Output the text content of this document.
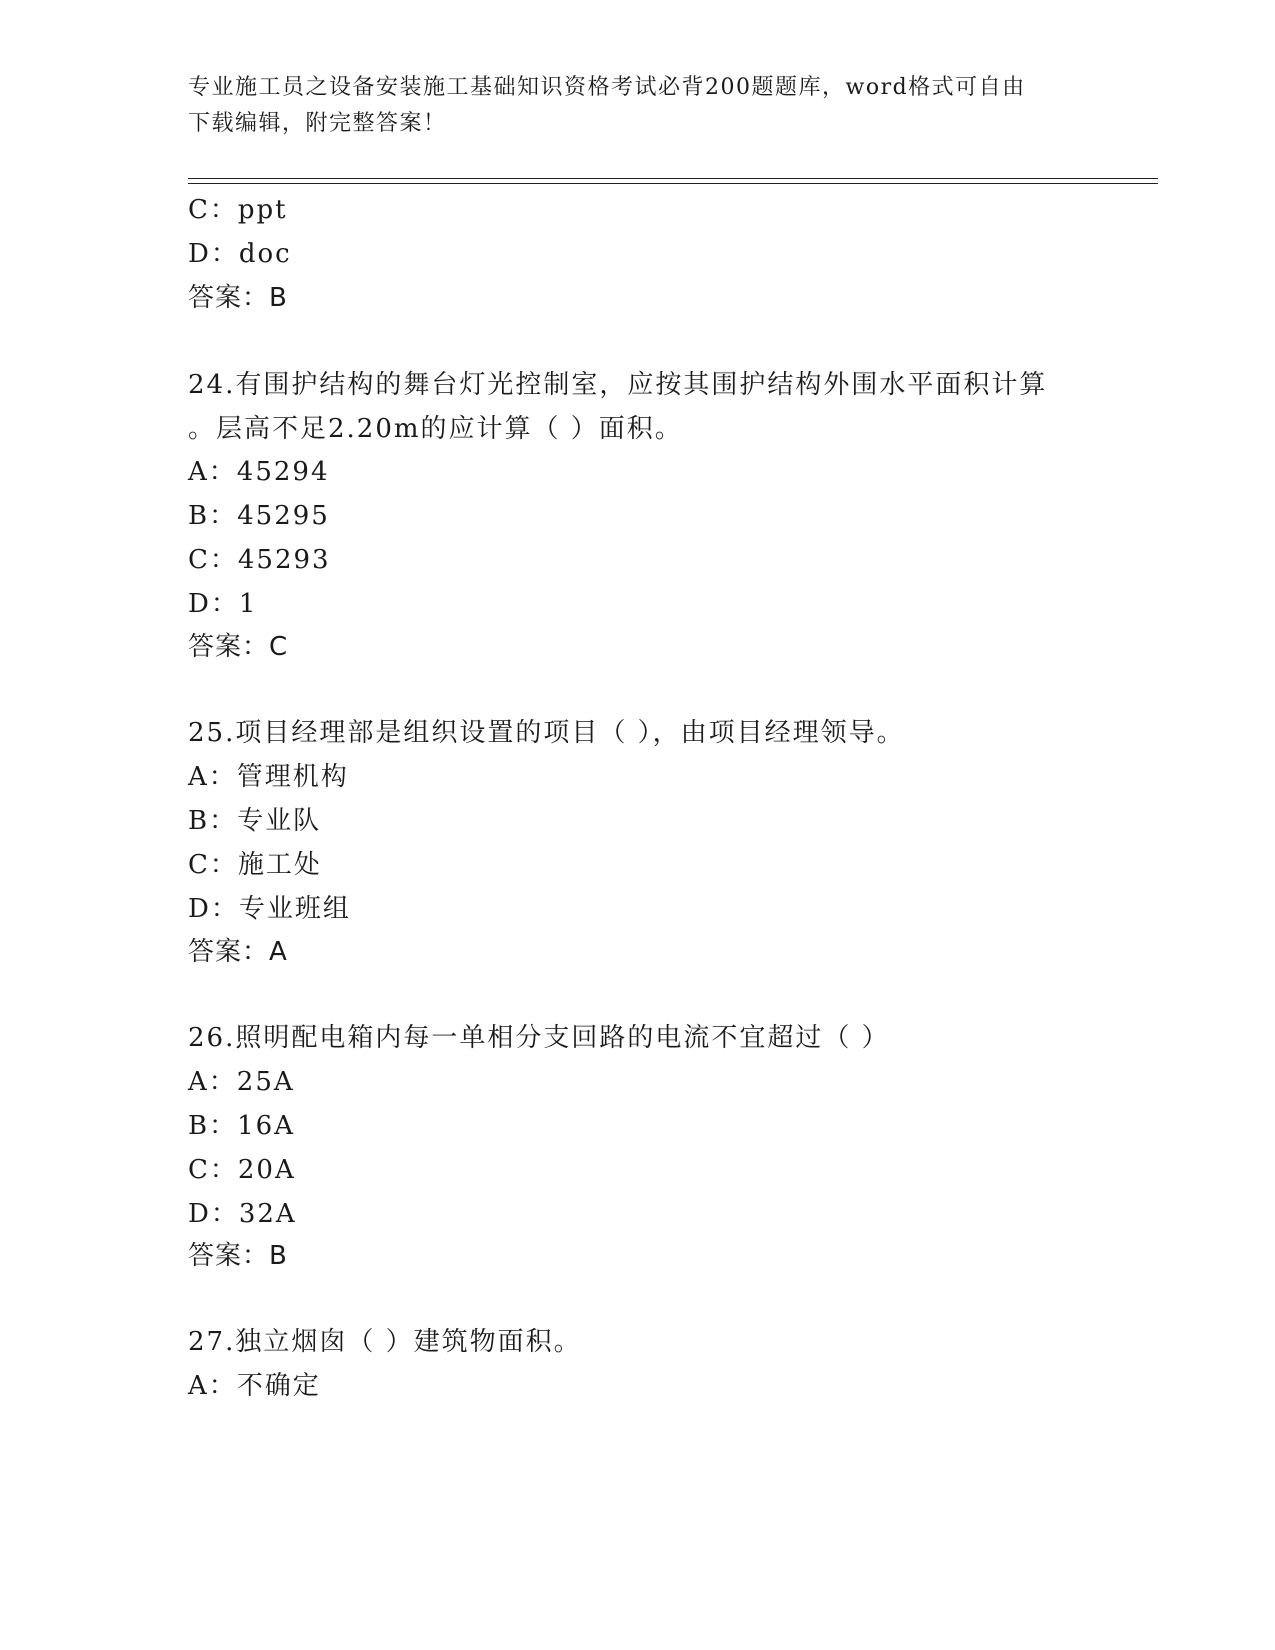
专业施工员之设备安装施工基础知识资格考试必背200题题库，word格式可自由
下载编辑，附完整答案！
C：ppt
D：doc
答案：B
24.有围护结构的舞台灯光控制室，应按其围护结构外围水平面积计算
。层高不足2.20m的应计算（ ）面积。
A：45294
B：45295
C：45293
D：1
答案：C
25.项目经理部是组织设置的项目（ ），由项目经理领导。
A：管理机构
B：专业队
C：施工处
D：专业班组
答案：A
26.照明配电箱内每一单相分支回路的电流不宜超过（ ）
A：25A
B：16A
C：20A
D：32A
答案：B
27.独立烟囱（ ）建筑物面积。
A：不确定
